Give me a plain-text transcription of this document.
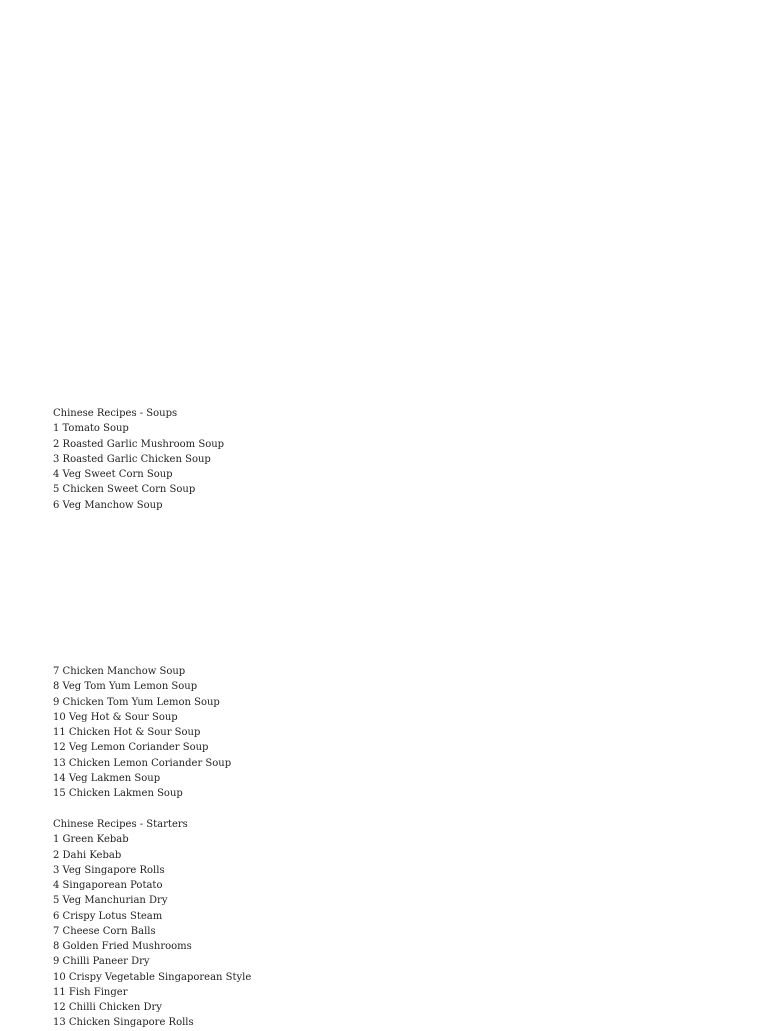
Chinese Recipes - Soups
1 Tomato Soup
2 Roasted Garlic Mushroom Soup
3 Roasted Garlic Chicken Soup
4 Veg Sweet Corn Soup
5 Chicken Sweet Corn Soup
6 Veg Manchow Soup
7 Chicken Manchow Soup
8 Veg Tom Yum Lemon Soup
9 Chicken Tom Yum Lemon Soup
10 Veg Hot & Sour Soup
11 Chicken Hot & Sour Soup
12 Veg Lemon Coriander Soup
13 Chicken Lemon Coriander Soup
14 Veg Lakmen Soup
15 Chicken Lakmen Soup
Chinese Recipes - Starters
1 Green Kebab
2 Dahi Kebab
3 Veg Singapore Rolls
4 Singaporean Potato
5 Veg Manchurian Dry
6 Crispy Lotus Steam
7 Cheese Corn Balls
8 Golden Fried Mushrooms
9 Chilli Paneer Dry
10 Crispy Vegetable Singaporean Style
11 Fish Finger
12 Chilli Chicken Dry
13 Chicken Singapore Rolls
